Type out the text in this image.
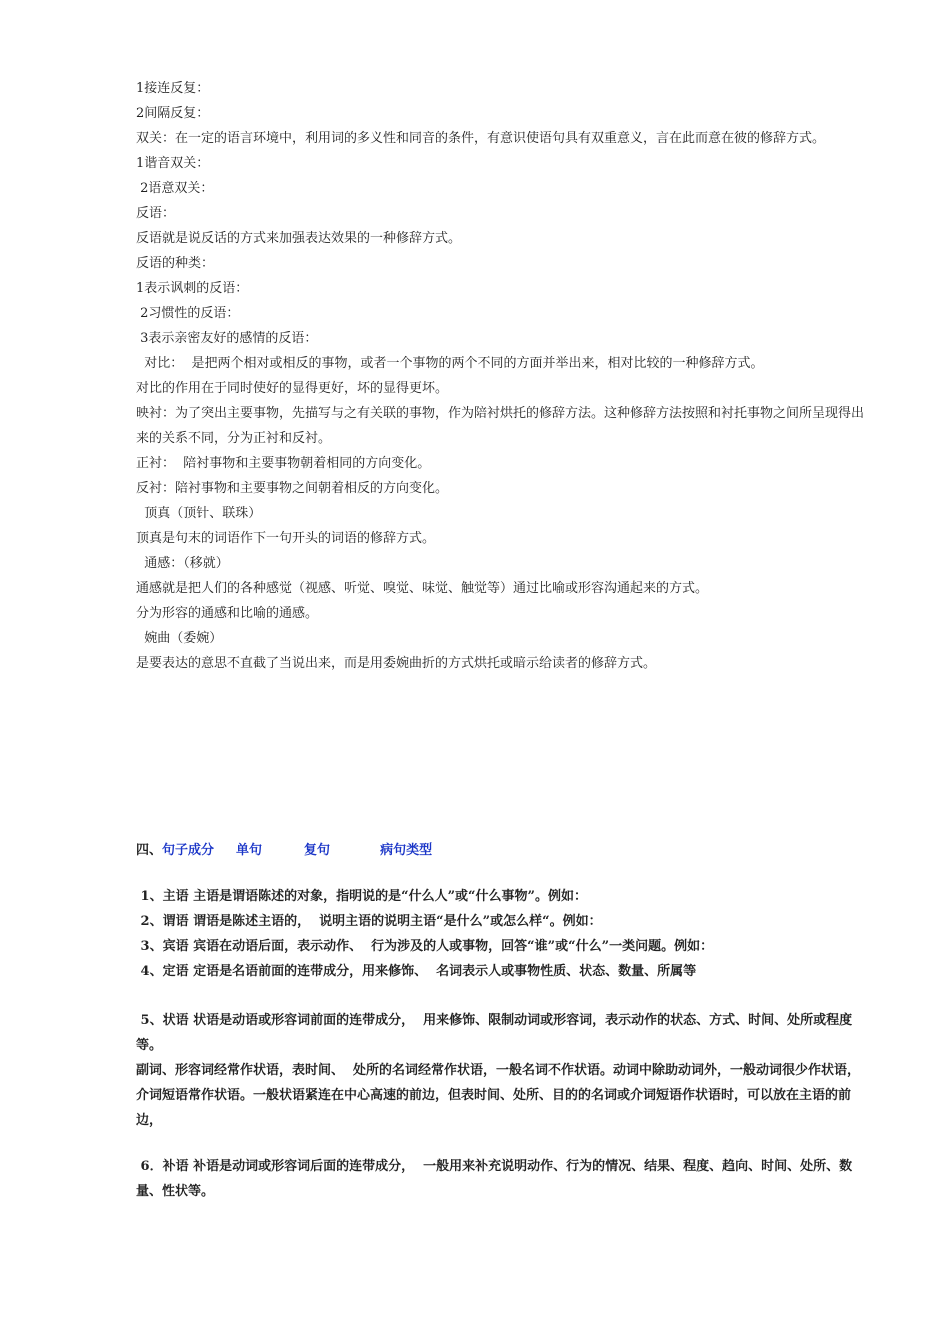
1接连反复：

2间隔反复：

双关：在一定的语言环境中，利用词的多义性和同音的条件，有意识使语句具有双重意义，言在此而意在彼的修辞方式。

1谐音双关：

2语意双关：

反语：

反语就是说反话的方式来加强表达效果的一种修辞方式。

反语的种类：

1表示讽刺的反语：

2习惯性的反语：

3表示亲密友好的感情的反语：

对比：  是把两个相对或相反的事物，或者一个事物的两个不同的方面并举出来，相对比较的一种修辞方式。

对比的作用在于同时使好的显得更好，坏的显得更坏。

映衬：为了突出主要事物，先描写与之有关联的事物，作为陪衬烘托的修辞方法。这种修辞方法按照和衬托事物之间所呈现得出来的关系不同，分为正衬和反衬。

正衬：  陪衬事物和主要事物朝着相同的方向变化。

反衬：陪衬事物和主要事物之间朝着相反的方向变化。

顶真（顶针、联珠）

顶真是句末的词语作下一句开头的词语的修辞方式。

通感：（移就）

通感就是把人们的各种感觉（视感、听觉、嗅觉、味觉、触觉等）通过比喻或形容沟通起来的方式。

分为形容的通感和比喻的通感。

婉曲（委婉）

是要表达的意思不直截了当说出来，而是用委婉曲折的方式烘托或暗示给读者的修辞方式。

四、句子成分 单句	复句	病句类型

1、主语 主语是谓语陈述的对象，指明说的是“什么人”或“什么事物”。例如：

2、谓语 谓语是陈述主语的，  说明主语的说明主语“是什么”或怎么样“。例如：

3、宾语 宾语在动语后面，表示动作、  行为涉及的人或事物，回答“谁”或“什么”一类问题。例如：

4、定语 定语是名语前面的连带成分，用来修饰、  名词表示人或事物性质、状态、数量、所属等

5、状语 状语是动语或形容词前面的连带成分，  用来修饰、限制动词或形容词，表示动作的状态、方式、时间、处所或程度等。

副词、形容词经常作状语，表时间、  处所的名词经常作状语，一般名词不作状语。动词中除助动词外，一般动词很少作状语，介词短语常作状语。一般状语紧连在中心高速的前边，但表时间、处所、目的的名词或介词短语作状语时，可以放在主语的前边，

6．补语 补语是动词或形容词后面的连带成分，  一般用来补充说明动作、行为的情况、结果、程度、趋向、时间、处所、数量、性状等。
